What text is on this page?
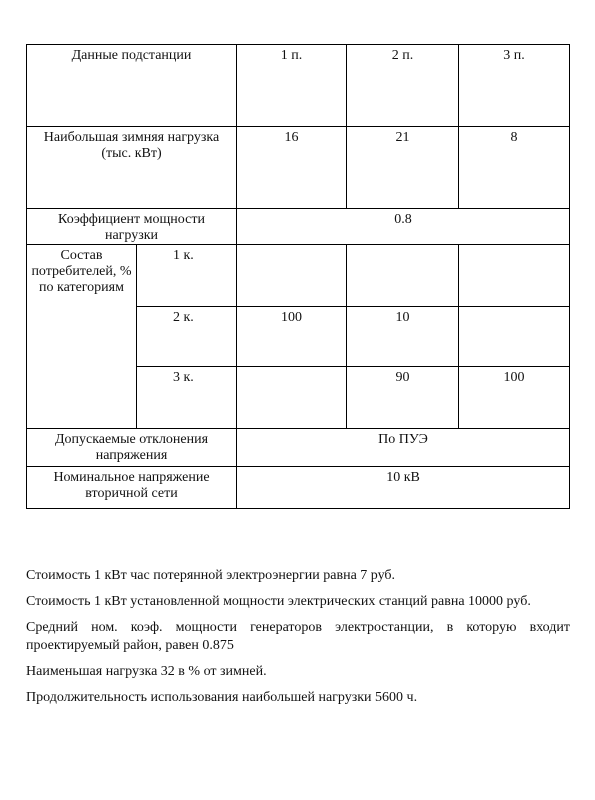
Данные подстанции		1 п.	2 п.	3 п.
Наибольшая зимняя нагрузка (тыс. кВт)		16	21	8
Коэффициент мощности нагрузки		0.8		
Состав потребителей, % по категориям	1 к.			
	2 к.	100	10	
	3 к.		90	100
Допускаемые отклонения напряжения		По ПУЭ		
Номинальное напряжение вторичной сети		10 кВ		

Стоимость 1 кВт час потерянной электроэнергии равна 7 руб.

Стоимость 1 кВт установленной мощности электрических станций равна 10000 руб.

Средний ном. коэф. мощности генераторов электростанции, в которую входит проектируемый район, равен 0.875

Наименьшая нагрузка 32 в % от зимней.

Продолжительность использования наибольшей нагрузки 5600 ч.
